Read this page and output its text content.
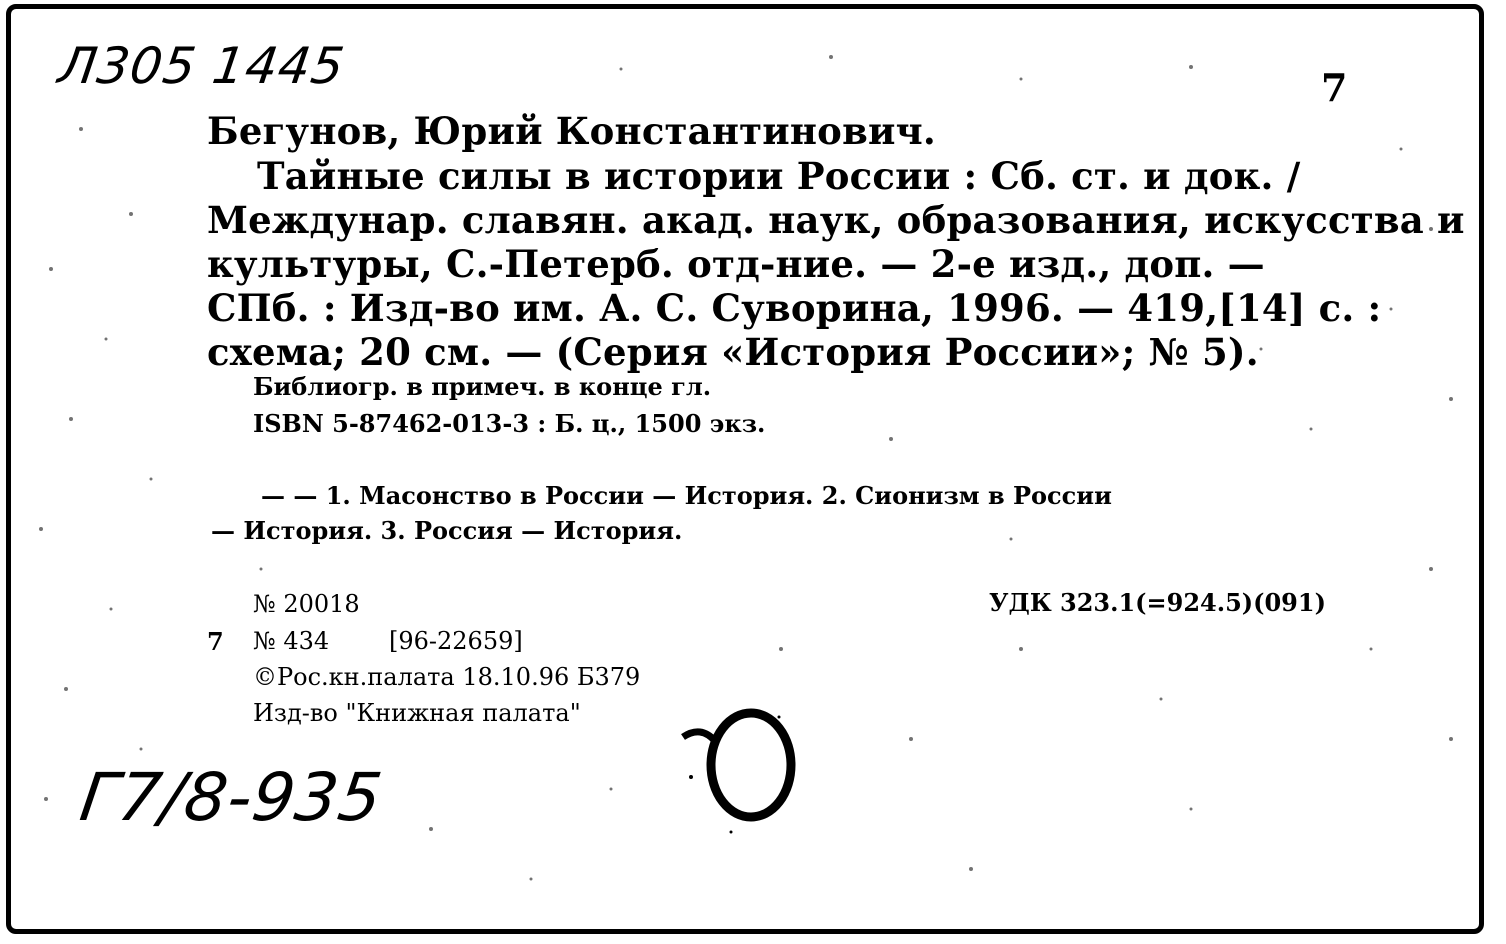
Л305 1445	7
Бегунов, Юрий Константинович.
Тайные силы в истории России : Сб. ст. и док. /
Междунар. славян. акад. наук, образования, искусства и
культуры, С.-Петерб. отд-ние. — 2-е изд., доп. —
СПб. : Изд-во им. А. С. Суворина, 1996. — 419,[14] с. :
схема; 20 см. — (Серия «История России»; № 5).
Библиогр. в примеч. в конце гл.
ISBN 5-87462-013-3 : Б. ц., 1500 экз.
— — 1. Масонство в России — История. 2. Сионизм в России
— История. 3. Россия — История.
№ 20018	УДК 323.1(=924.5)(091)
7 № 434 [96-22659]
©Рос.кн.палата 18.10.96 Б379
Изд-во "Книжная палата"
Г7/8-935
